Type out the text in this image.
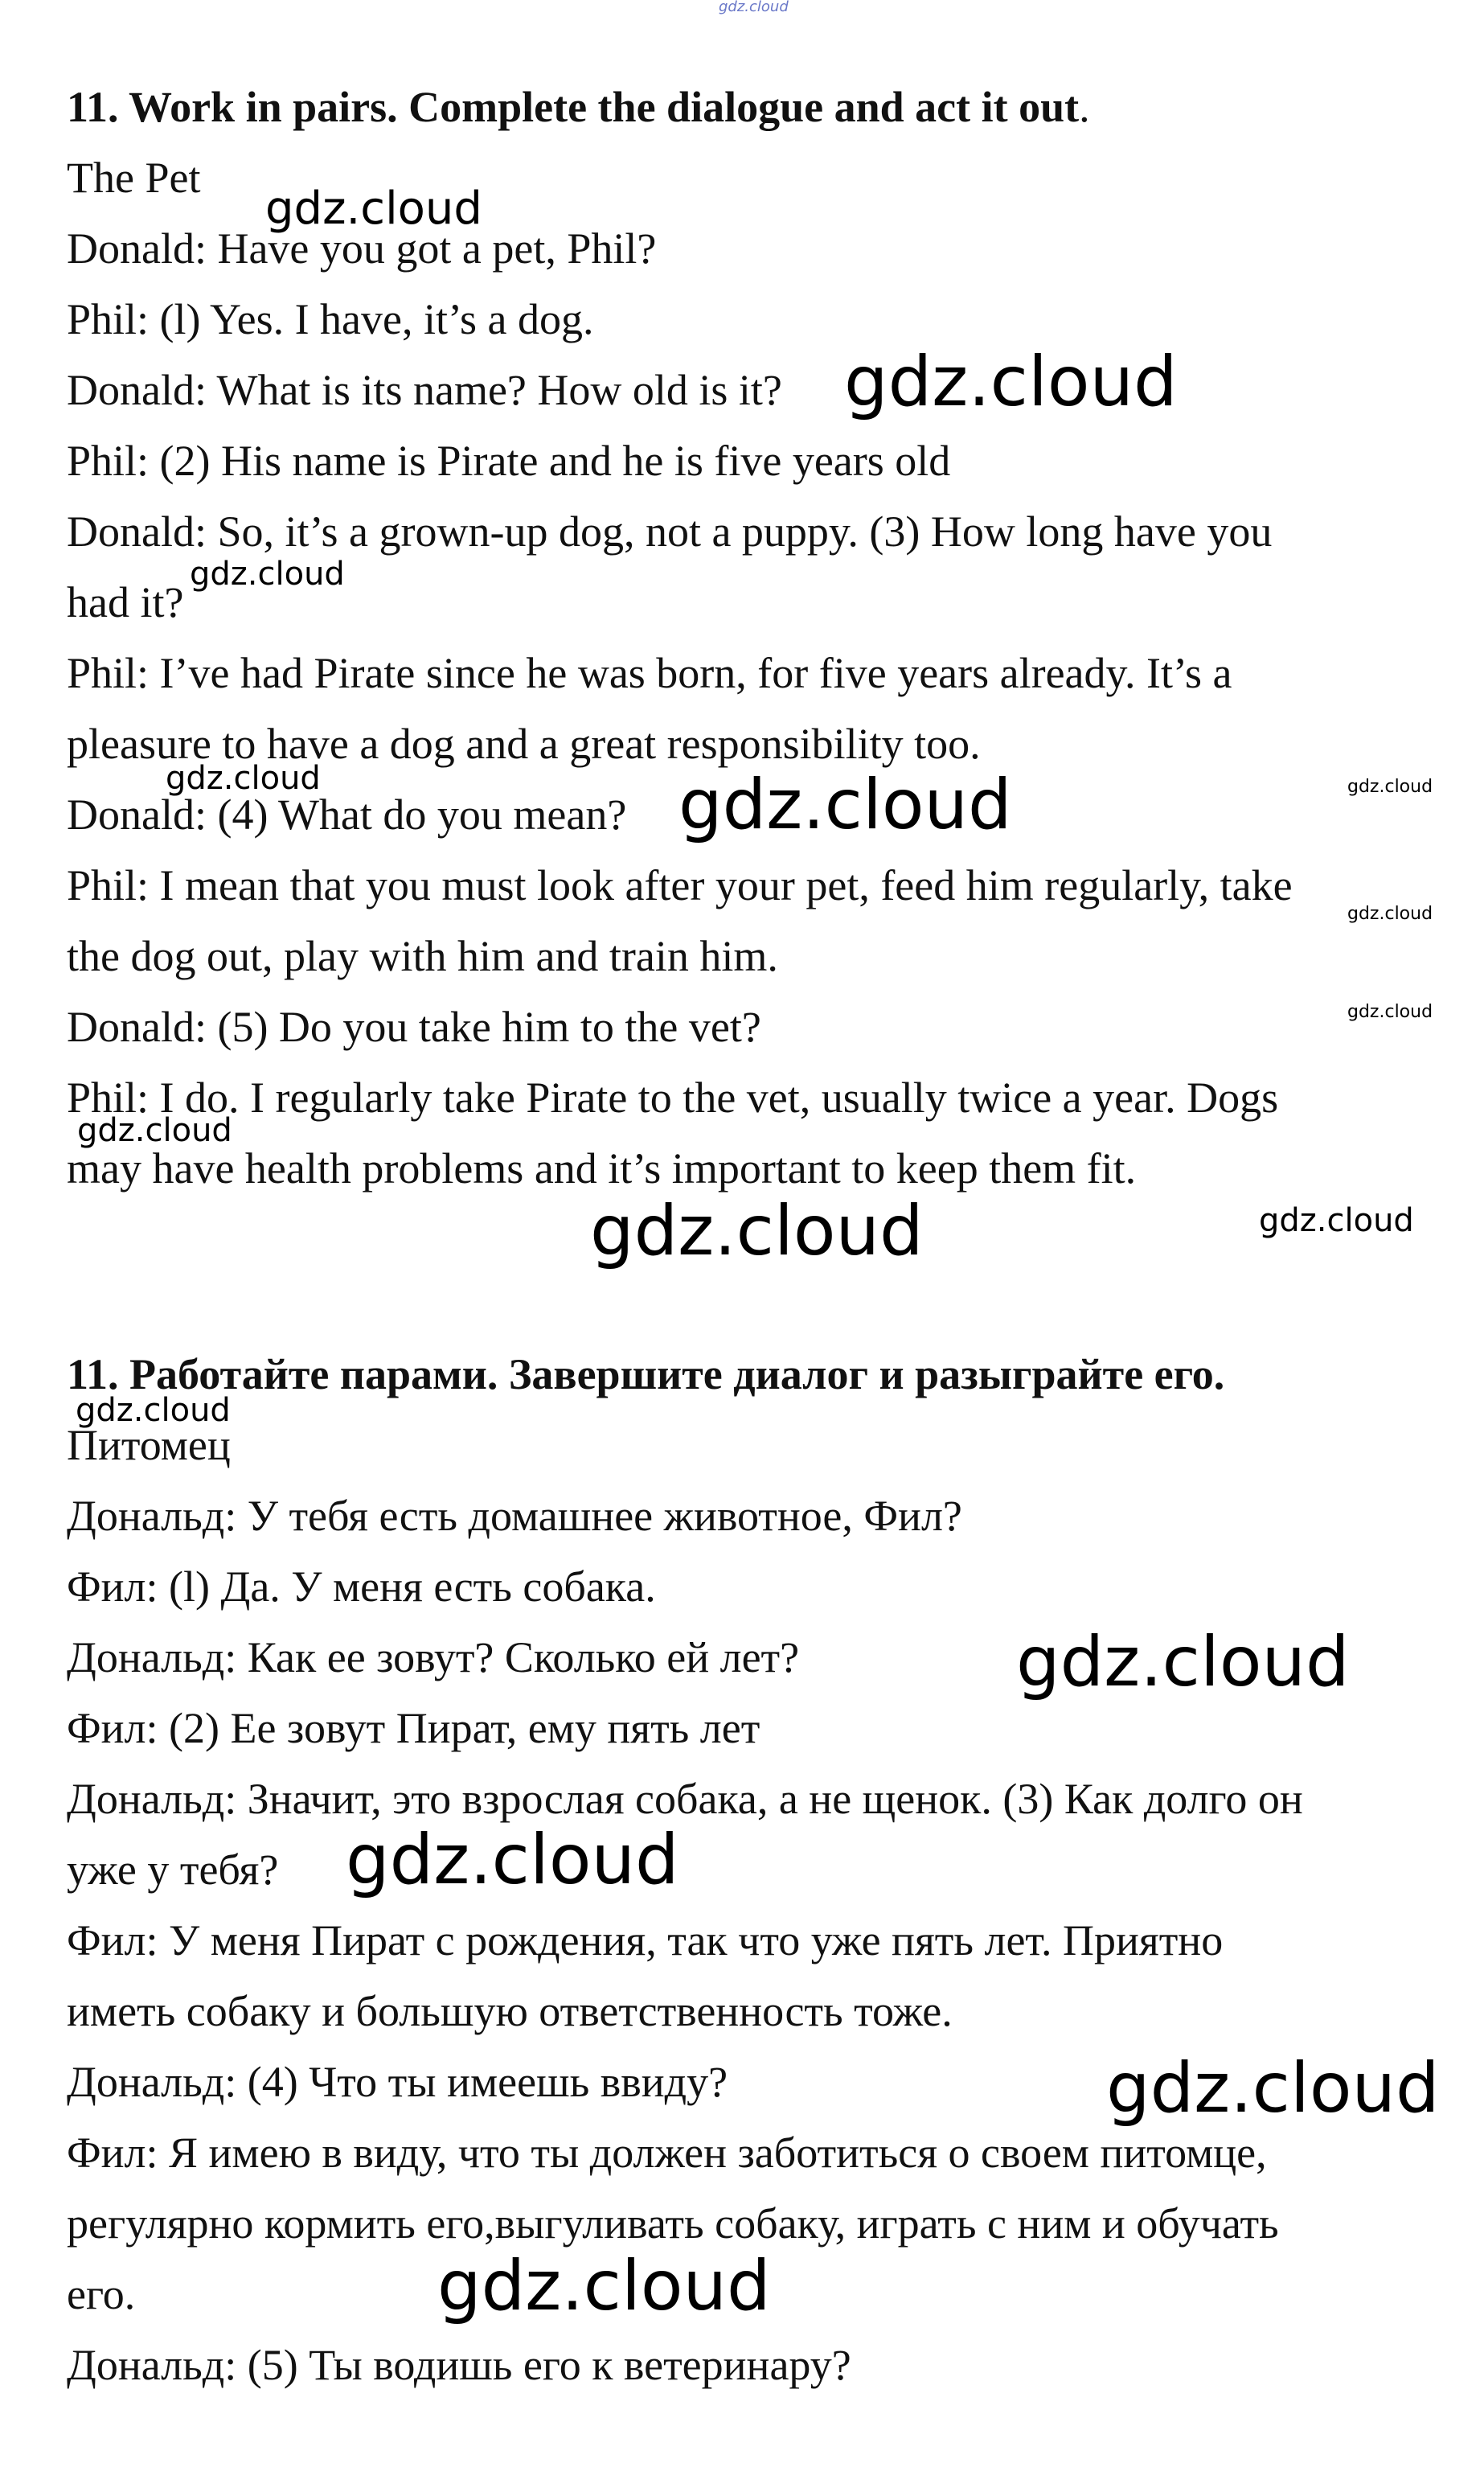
11. Work in pairs. Complete the dialogue and act it out.
The Pet
Donald: Have you got a pet, Phil?
Phil: (l) Yes. I have, it’s a dog.
Donald: What is its name? How old is it?
Phil: (2) His name is Pirate and he is five years old
Donald: So, it’s a grown-up dog, not a puppy. (3) How long have you
had it?
Phil: I’ve had Pirate since he was born, for five years already. It’s a
pleasure to have a dog and a great responsibility too.
Donald: (4) What do you mean?
Phil: I mean that you must look after your pet, feed him regularly, take
the dog out, play with him and train him.
Donald: (5) Do you take him to the vet?
Phil: I do. I regularly take Pirate to the vet, usually twice a year. Dogs
may have health problems and it’s important to keep them fit.
11. Работайте парами. Завершите диалог и разыграйте его.
Питомец
Дональд: У тебя есть домашнее животное, Фил?
Фил: (l) Да. У меня есть собака.
Дональд: Как ее зовут? Сколько ей лет?
Фил: (2) Ее зовут Пират, ему пять лет
Дональд: Значит, это взрослая собака, а не щенок. (3) Как долго он
уже у тебя?
Фил: У меня Пират с рождения, так что уже пять лет. Приятно
иметь собаку и большую ответственность тоже.
Дональд: (4) Что ты имеешь ввиду?
Фил: Я имею в виду, что ты должен заботиться о своем питомце,
регулярно кормить его,выгуливать собаку, играть с ним и обучать
его.
Дональд: (5) Ты водишь его к ветеринару?
gdz.cloud
gdz.cloud
gdz.cloud
gdz.cloud
gdz.cloud	gdz.cloud	gdz.cloud
gdz.cloud
gdz.cloud
gdz.cloud
gdz.cloud	gdz.cloud
gdz.cloud
gdz.cloud
gdz.cloud
gdz.cloud
gdz.cloud
